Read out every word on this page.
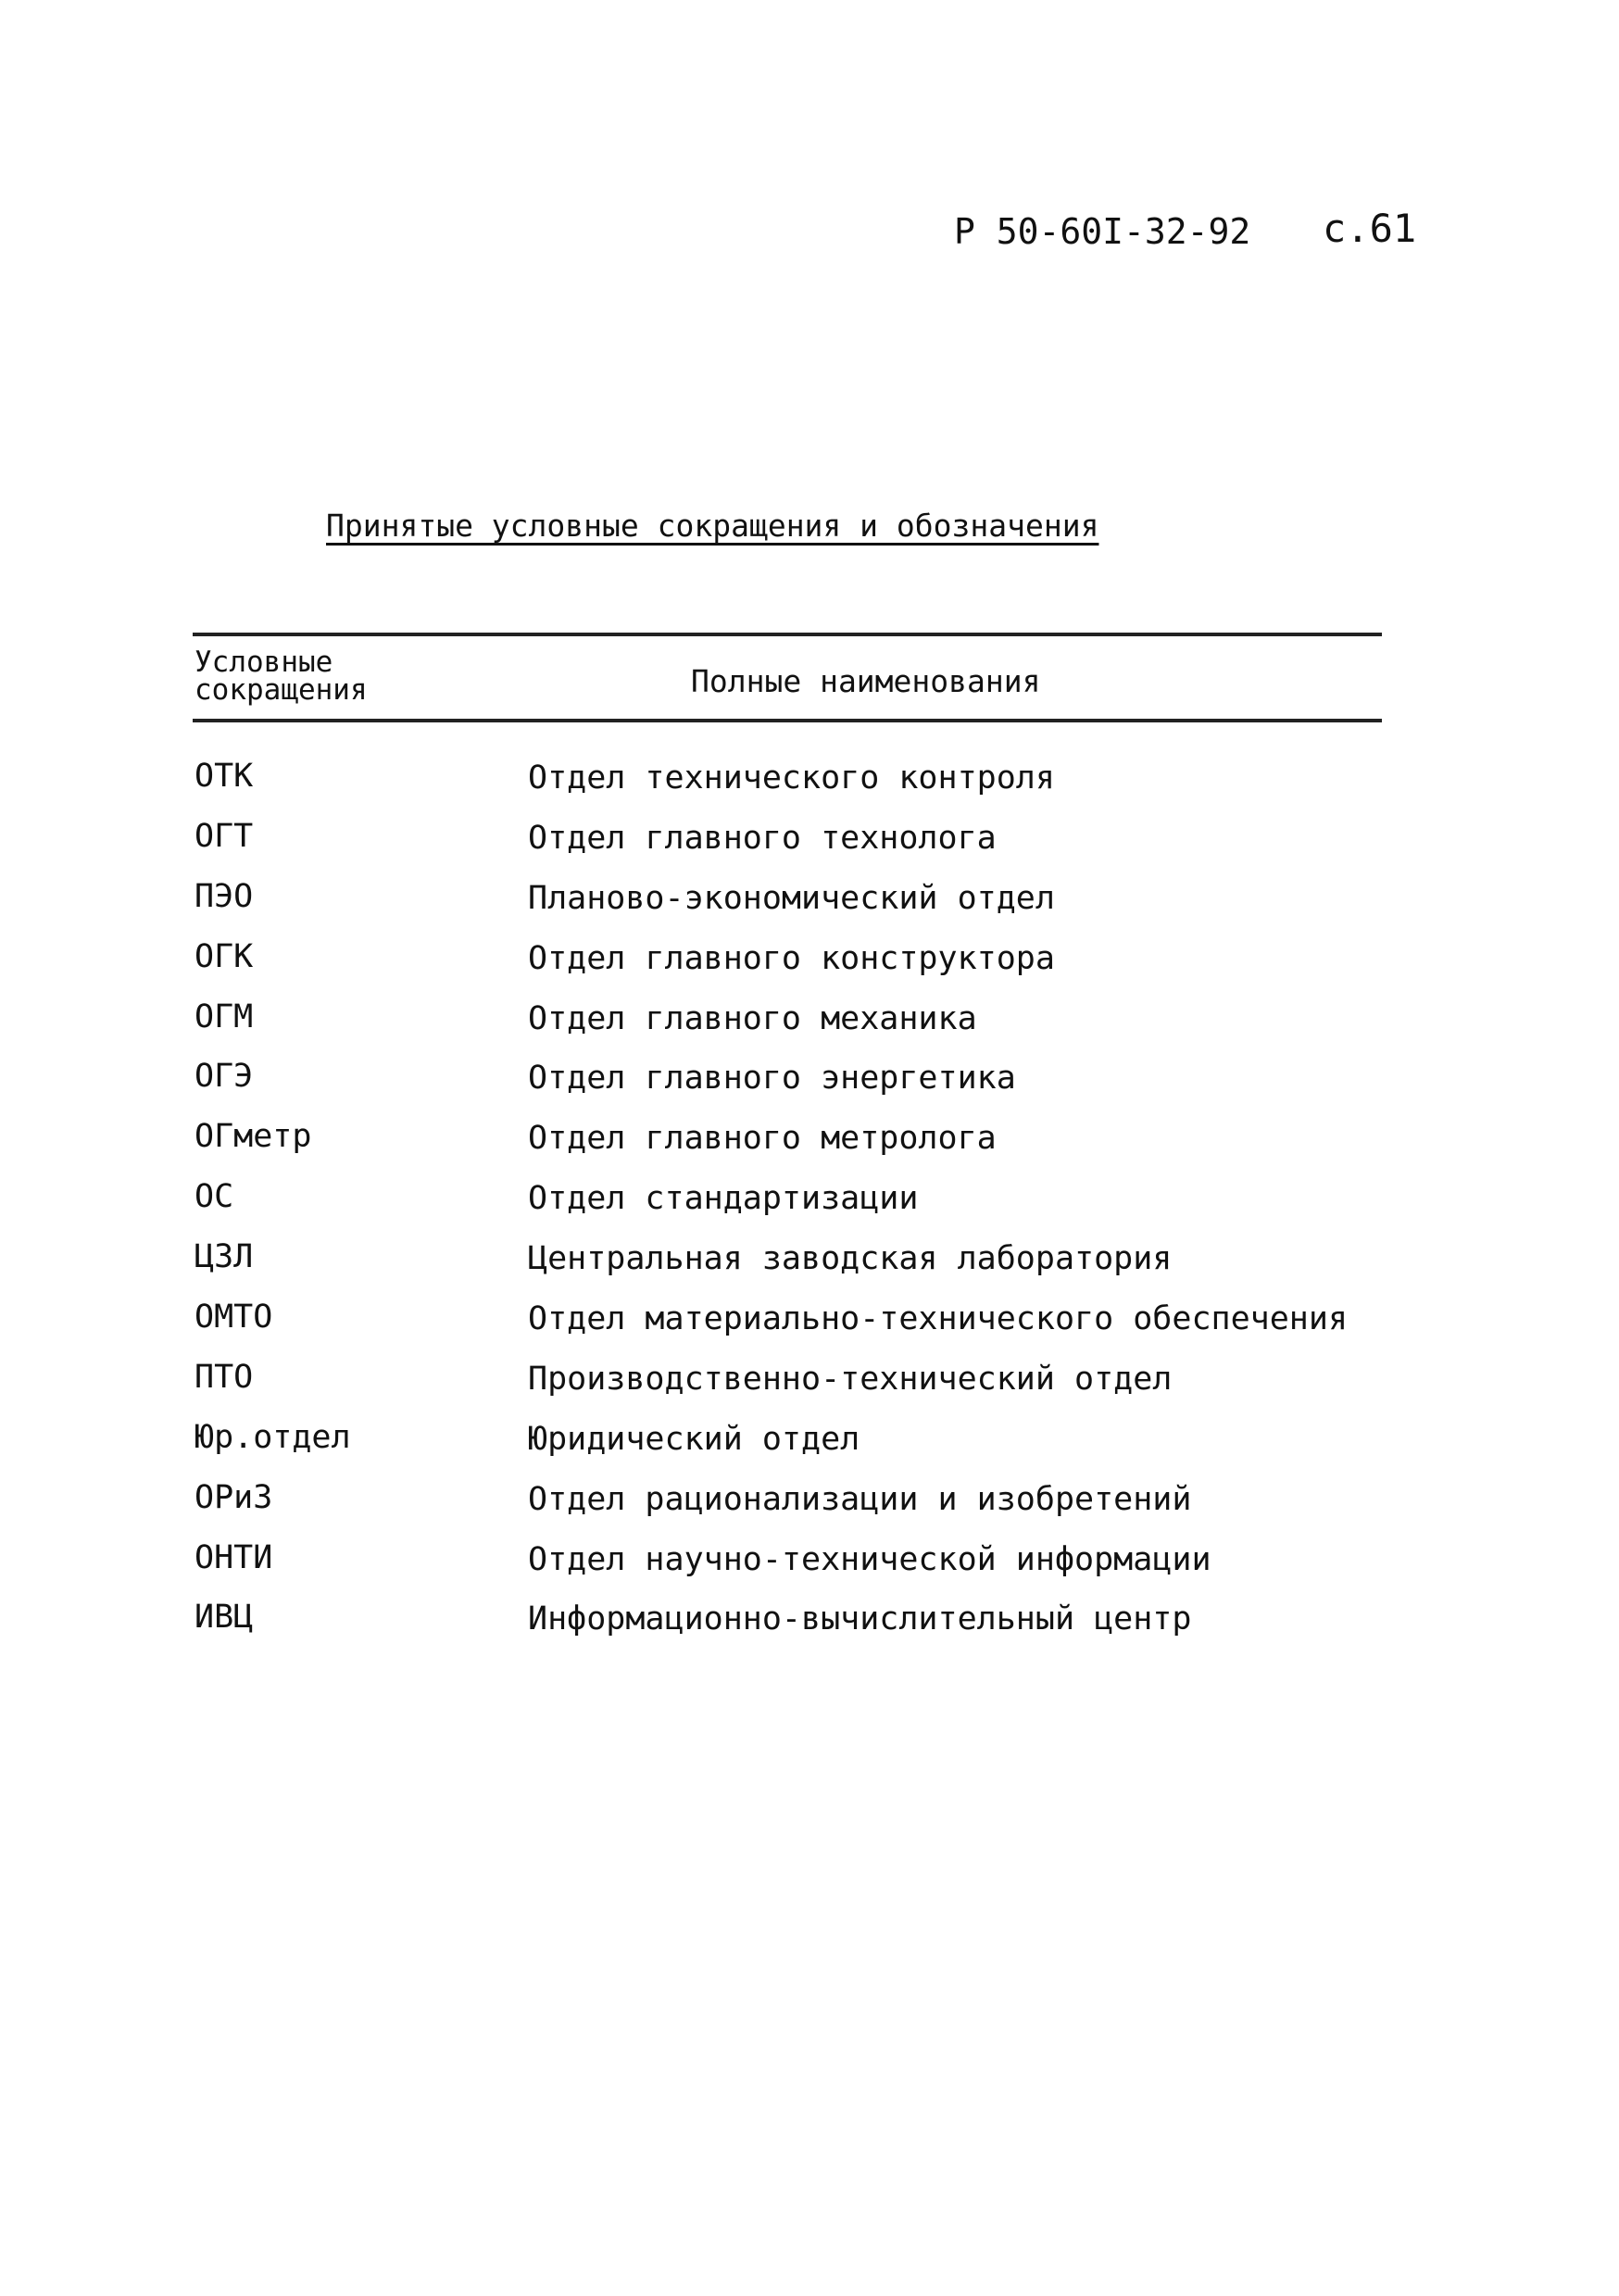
Р 50-60I-32-92 с.61
Принятые условные сокращения и обозначения
Условные
сокращения	Полные наименования
ОТК	Отдел технического контроля
ОГТ	Отдел главного технолога
ПЭО	Планово-экономический отдел
ОГК	Отдел главного конструктора
ОГМ	Отдел главного механика
ОГЭ	Отдел главного энергетика
ОГметр	Отдел главного метролога
ОС	Отдел стандартизации
ЦЗЛ	Центральная заводская лаборатория
ОМТО	Отдел материально-технического обеспечения
ПТО	Производственно-технический отдел
Юр.отдел	Юридический отдел
ОРиЗ	Отдел рационализации и изобретений
ОНТИ	Отдел научно-технической информации
ИВЦ	Информационно-вычислительный центр
